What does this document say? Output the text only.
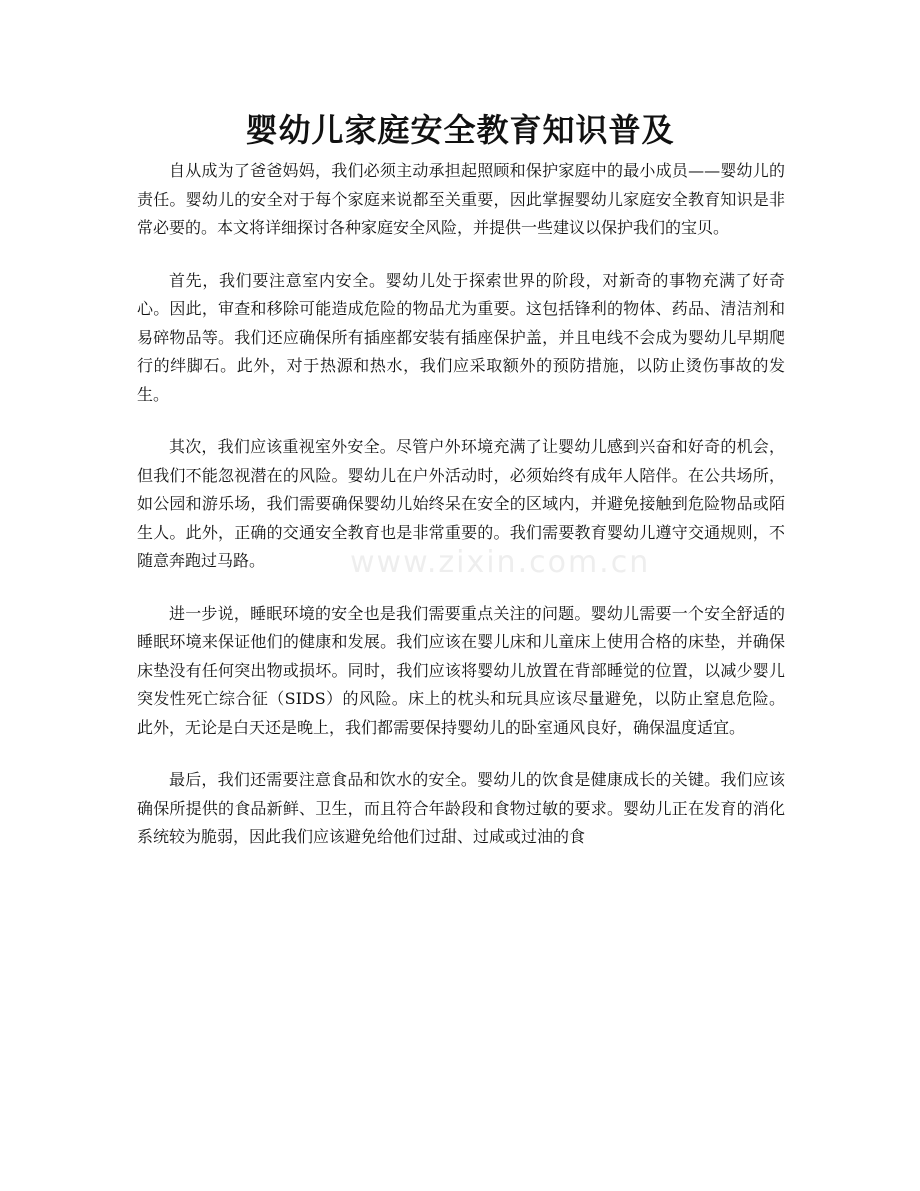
婴幼儿家庭安全教育知识普及

自从成为了爸爸妈妈，我们必须主动承担起照顾和保护家庭中的最小成员——婴幼儿的责任。婴幼儿的安全对于每个家庭来说都至关重要，因此掌握婴幼儿家庭安全教育知识是非常必要的。本文将详细探讨各种家庭安全风险，并提供一些建议以保护我们的宝贝。

首先，我们要注意室内安全。婴幼儿处于探索世界的阶段，对新奇的事物充满了好奇心。因此，审查和移除可能造成危险的物品尤为重要。这包括锋利的物体、药品、清洁剂和易碎物品等。我们还应确保所有插座都安装有插座保护盖，并且电线不会成为婴幼儿早期爬行的绊脚石。此外，对于热源和热水，我们应采取额外的预防措施，以防止烫伤事故的发生。

其次，我们应该重视室外安全。尽管户外环境充满了让婴幼儿感到兴奋和好奇的机会，但我们不能忽视潜在的风险。婴幼儿在户外活动时，必须始终有成年人陪伴。在公共场所，如公园和游乐场，我们需要确保婴幼儿始终呆在安全的区域内，并避免接触到危险物品或陌生人。此外，正确的交通安全教育也是非常重要的。我们需要教育婴幼儿遵守交通规则，不随意奔跑过马路。

进一步说，睡眠环境的安全也是我们需要重点关注的问题。婴幼儿需要一个安全舒适的睡眠环境来保证他们的健康和发展。我们应该在婴儿床和儿童床上使用合格的床垫，并确保床垫没有任何突出物或损坏。同时，我们应该将婴幼儿放置在背部睡觉的位置，以减少婴儿突发性死亡综合征（SIDS）的风险。床上的枕头和玩具应该尽量避免，以防止窒息危险。此外，无论是白天还是晚上，我们都需要保持婴幼儿的卧室通风良好，确保温度适宜。

最后，我们还需要注意食品和饮水的安全。婴幼儿的饮食是健康成长的关键。我们应该确保所提供的食品新鲜、卫生，而且符合年龄段和食物过敏的要求。婴幼儿正在发育的消化系统较为脆弱，因此我们应该避免给他们过甜、过咸或过油的食

www.zixin.com.cn
